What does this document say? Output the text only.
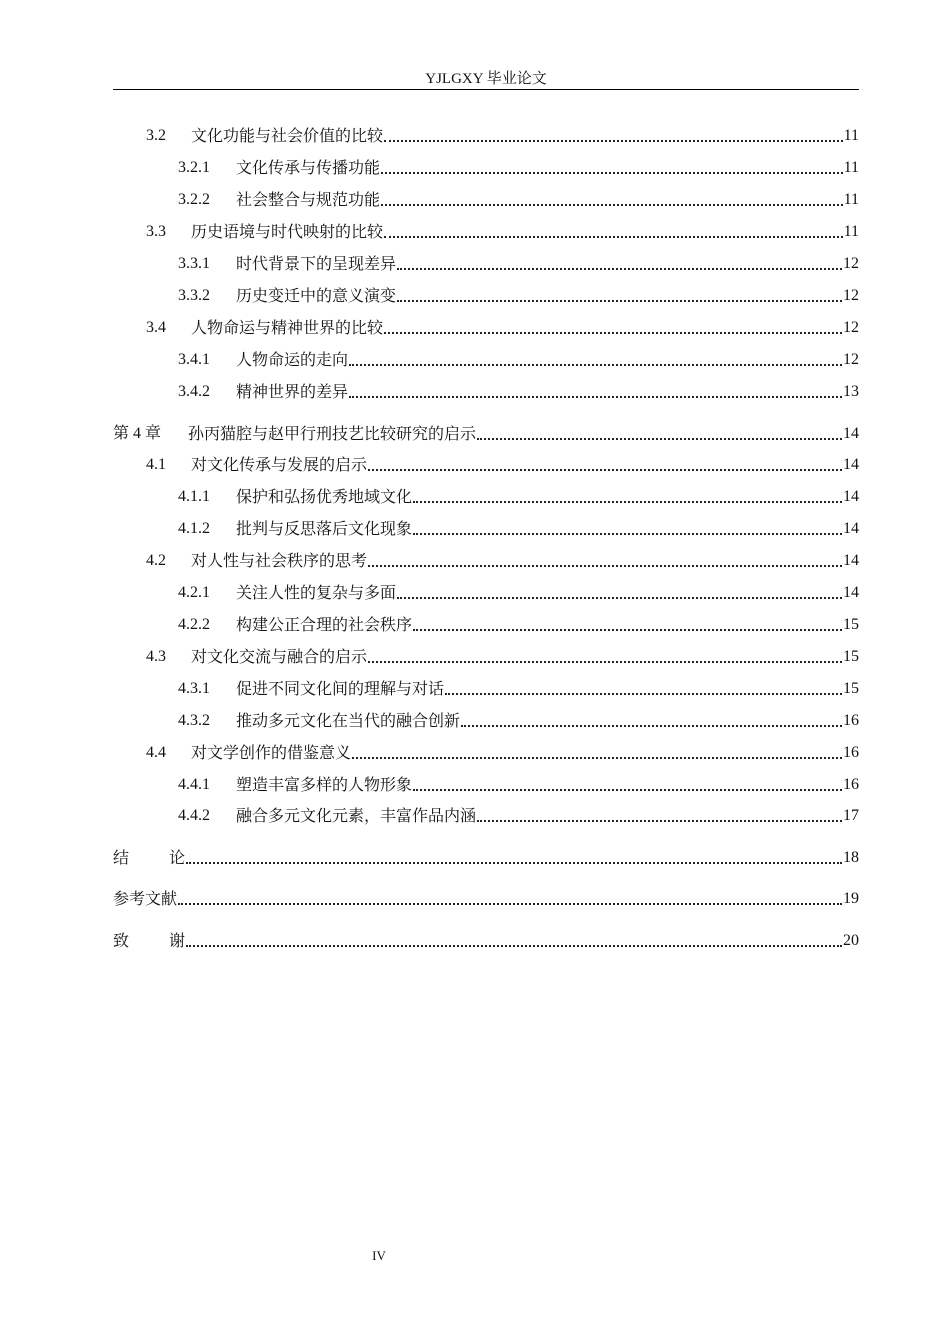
YJLGXY 毕业论文
3.2	文化功能与社会价值的比较	11
3.2.1	文化传承与传播功能	11
3.2.2	社会整合与规范功能	11
3.3	历史语境与时代映射的比较	11
3.3.1	时代背景下的呈现差异	12
3.3.2	历史变迁中的意义演变	12
3.4	人物命运与精神世界的比较	12
3.4.1	人物命运的走向	12
3.4.2	精神世界的差异	13
第 4 章	孙丙猫腔与赵甲行刑技艺比较研究的启示	14
4.1	对文化传承与发展的启示	14
4.1.1	保护和弘扬优秀地域文化	14
4.1.2	批判与反思落后文化现象	14
4.2	对人性与社会秩序的思考	14
4.2.1	关注人性的复杂与多面	14
4.2.2	构建公正合理的社会秩序	15
4.3	对文化交流与融合的启示	15
4.3.1	促进不同文化间的理解与对话	15
4.3.2	推动多元文化在当代的融合创新	16
4.4	对文学创作的借鉴意义	16
4.4.1	塑造丰富多样的人物形象	16
4.4.2	融合多元文化元素，丰富作品内涵	17
结论	18
参考文献	19
致谢	20
IV
